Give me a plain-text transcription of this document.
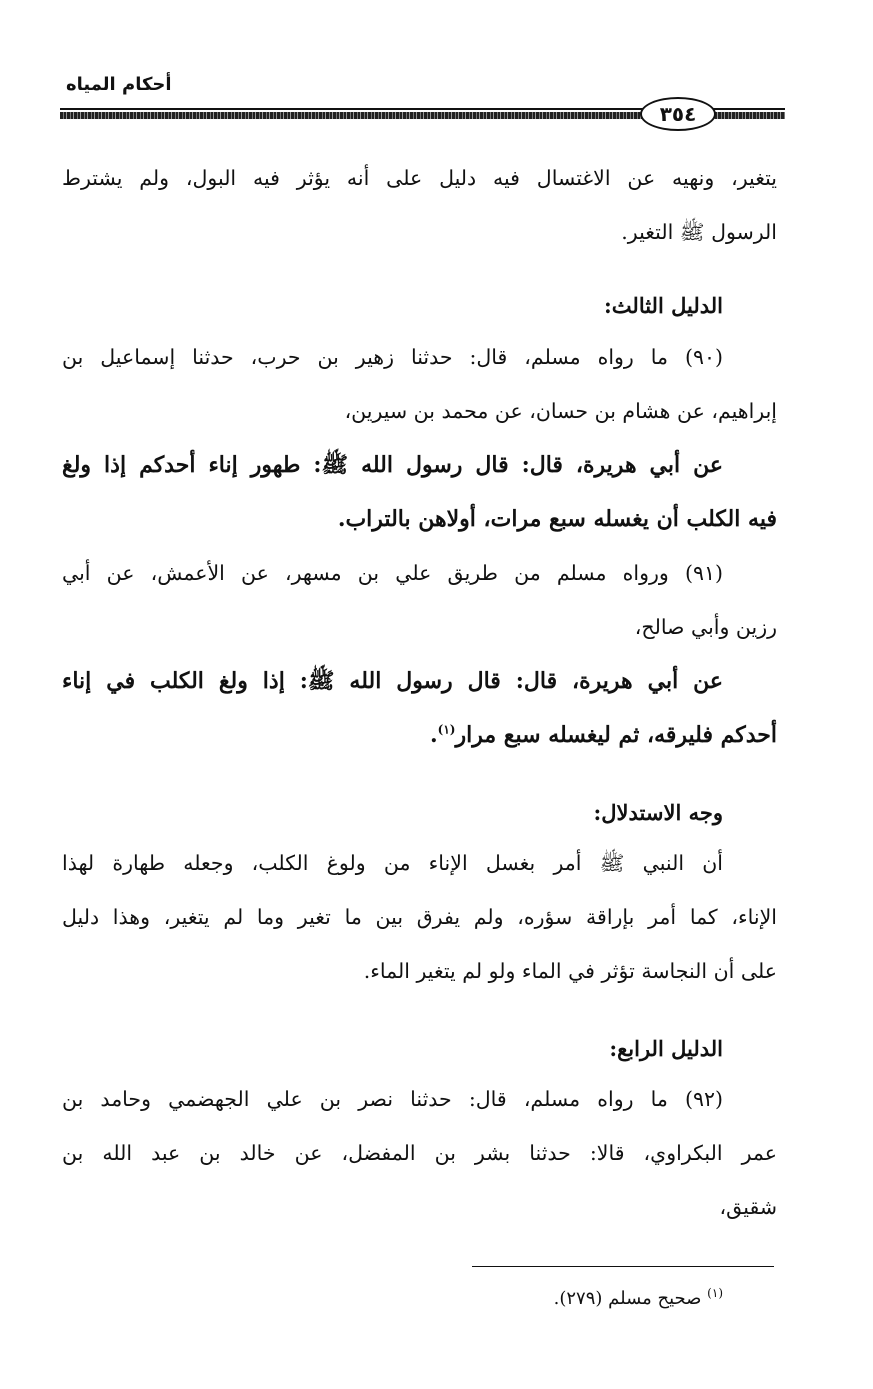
أحكام المياه
٣٥٤
يتغير، ونهيه عن الاغتسال فيه دليل على أنه يؤثر فيه البول، ولم يشترط
الرسول ﷺ التغير.
الدليل الثالث:
(٩٠) ما رواه مسلم، قال: حدثنا زهير بن حرب، حدثنا إسماعيل بن
إبراهيم، عن هشام بن حسان، عن محمد بن سيرين،
عن أبي هريرة، قال: قال رسول الله ﷺ: طهور إناء أحدكم إذا ولغ
فيه الكلب أن يغسله سبع مرات، أولاهن بالتراب.
(٩١) ورواه مسلم من طريق علي بن مسهر، عن الأعمش، عن أبي
رزين وأبي صالح،
عن أبي هريرة، قال: قال رسول الله ﷺ: إذا ولغ الكلب في إناء
أحدكم فليرقه، ثم ليغسله سبع مرار$^{(١)}$.
وجه الاستدلال:
أن النبي ﷺ أمر بغسل الإناء من ولوغ الكلب، وجعله طهارة لهذا
الإناء، كما أمر بإراقة سؤره، ولم يفرق بين ما تغير وما لم يتغير، وهذا دليل
على أن النجاسة تؤثر في الماء ولو لم يتغير الماء.
الدليل الرابع:
(٩٢) ما رواه مسلم، قال: حدثنا نصر بن علي الجهضمي وحامد بن
عمر البكراوي، قالا: حدثنا بشر بن المفضل، عن خالد بن عبد الله بن
شقيق،
$^{(١)}$ صحيح مسلم (٢٧٩).
